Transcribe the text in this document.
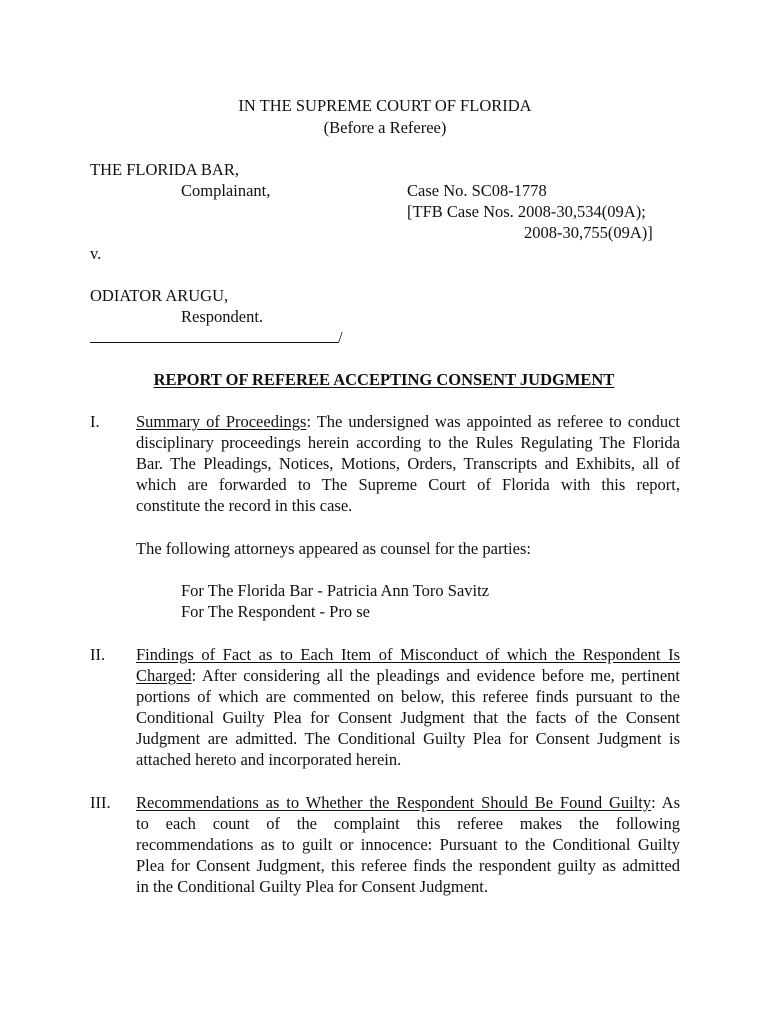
IN THE SUPREME COURT OF FLORIDA
(Before a Referee)
THE FLORIDA BAR,
Complainant,	Case No. SC08-1778
[TFB Case Nos. 2008-30,534(09A);
2008-30,755(09A)]
v.
ODIATOR ARUGU,
Respondent.
/
REPORT OF REFEREE ACCEPTING CONSENT JUDGMENT
I. Summary of Proceedings: The undersigned was appointed as referee to conduct
disciplinary proceedings herein according to the Rules Regulating The Florida
Bar. The Pleadings, Notices, Motions, Orders, Transcripts and Exhibits, all of
which are forwarded to The Supreme Court of Florida with this report,
constitute the record in this case.
The following attorneys appeared as counsel for the parties:
For The Florida Bar - Patricia Ann Toro Savitz
For The Respondent - Pro se
II. Findings of Fact as to Each Item of Misconduct of which the Respondent Is
Charged: After considering all the pleadings and evidence before me, pertinent
portions of which are commented on below, this referee finds pursuant to the
Conditional Guilty Plea for Consent Judgment that the facts of the Consent
Judgment are admitted. The Conditional Guilty Plea for Consent Judgment is
attached hereto and incorporated herein.
III. Recommendations as to Whether the Respondent Should Be Found Guilty: As
to each count of the complaint this referee makes the following
recommendations as to guilt or innocence: Pursuant to the Conditional Guilty
Plea for Consent Judgment, this referee finds the respondent guilty as admitted
in the Conditional Guilty Plea for Consent Judgment.
